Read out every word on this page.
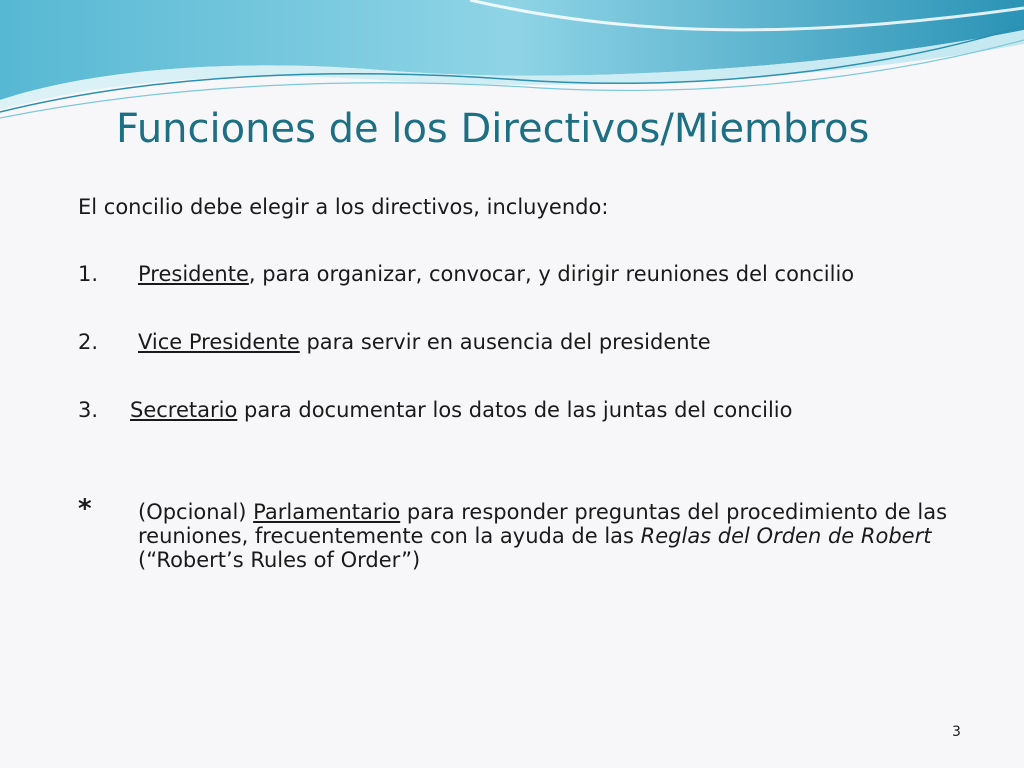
Funciones de los Directivos/Miembros
El concilio debe elegir a los directivos, incluyendo:
1. Presidente, para organizar, convocar, y dirigir reuniones del concilio
2. Vice Presidente para servir en ausencia del presidente
3. Secretario para documentar los datos de las juntas del concilio
* (Opcional) Parlamentario para responder preguntas del procedimiento de las
reuniones, frecuentemente con la ayuda de las Reglas del Orden de Robert
(“Robert’s Rules of Order”)
3
